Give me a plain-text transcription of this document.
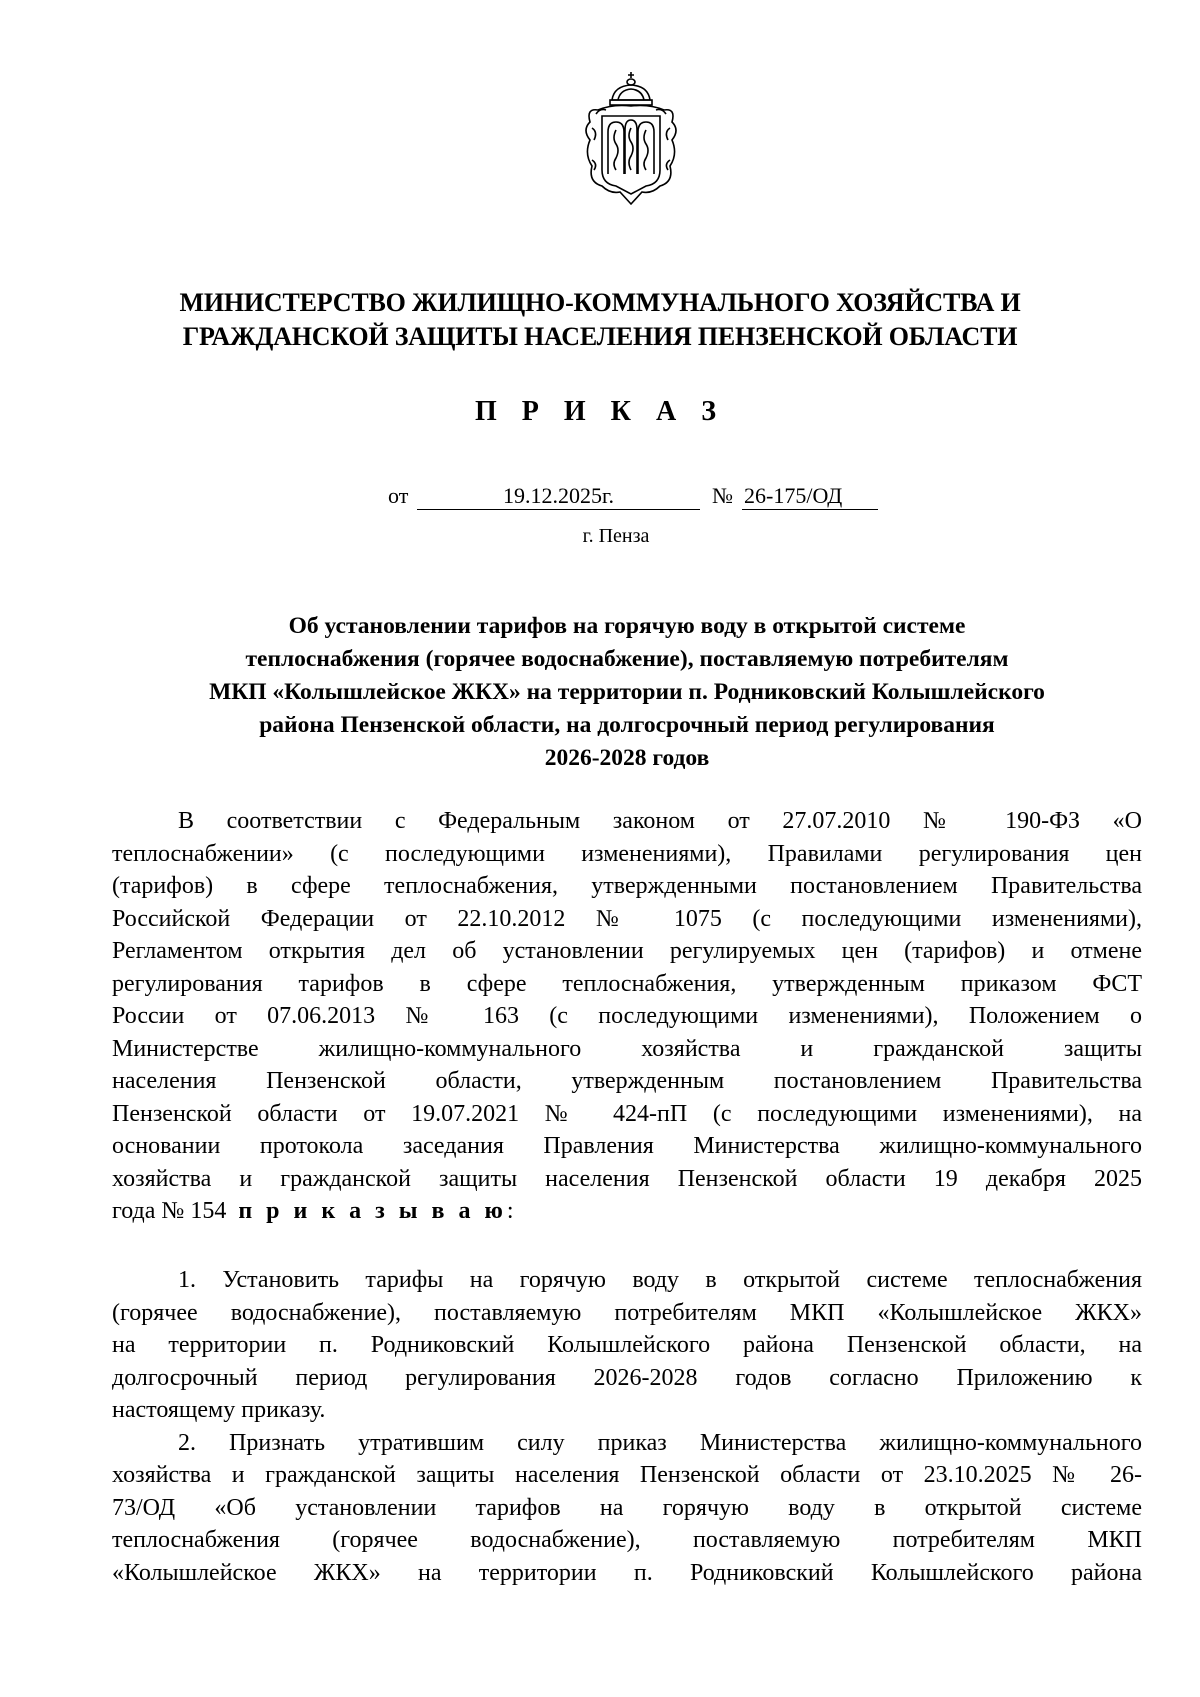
МИНИСТЕРСТВО ЖИЛИЩНО-КОММУНАЛЬНОГО ХОЗЯЙСТВА И
ГРАЖДАНСКОЙ ЗАЩИТЫ НАСЕЛЕНИЯ ПЕНЗЕНСКОЙ ОБЛАСТИ
П Р И К А З
от	19.12.2025г.	№ 26-175/ОД
г. Пенза
Об установлении тарифов на горячую воду в открытой системе
теплоснабжения (горячее водоснабжение), поставляемую потребителям
МКП «Колышлейское ЖКХ» на территории п. Родниковский Колышлейского
района Пензенской области, на долгосрочный период регулирования
2026-2028 годов
В соответствии с Федеральным законом от 27.07.2010 № 190-ФЗ «О
теплоснабжении» (с последующими изменениями), Правилами регулирования цен
(тарифов) в сфере теплоснабжения, утвержденными постановлением Правительства
Российской Федерации от 22.10.2012 № 1075 (с последующими изменениями),
Регламентом открытия дел об установлении регулируемых цен (тарифов) и отмене
регулирования тарифов в сфере теплоснабжения, утвержденным приказом ФСТ
России от 07.06.2013 № 163 (с последующими изменениями), Положением о
Министерстве жилищно-коммунального хозяйства и гражданской защиты
населения Пензенской области, утвержденным постановлением Правительства
Пензенской области от 19.07.2021 № 424-пП (с последующими изменениями), на
основании протокола заседания Правления Министерства жилищно-коммунального
хозяйства и гражданской защиты населения Пензенской области 19 декабря 2025
года № 154 п р и к а з ы в а ю:
1. Установить тарифы на горячую воду в открытой системе теплоснабжения
(горячее водоснабжение), поставляемую потребителям МКП «Колышлейское ЖКХ»
на территории п. Родниковский Колышлейского района Пензенской области, на
долгосрочный период регулирования 2026-2028 годов согласно Приложению к
настоящему приказу.
2. Признать утратившим силу приказ Министерства жилищно-коммунального
хозяйства и гражданской защиты населения Пензенской области от 23.10.2025 № 26-
73/ОД «Об установлении тарифов на горячую воду в открытой системе
теплоснабжения (горячее водоснабжение), поставляемую потребителям МКП
«Колышлейское ЖКХ» на территории п. Родниковский Колышлейского района
